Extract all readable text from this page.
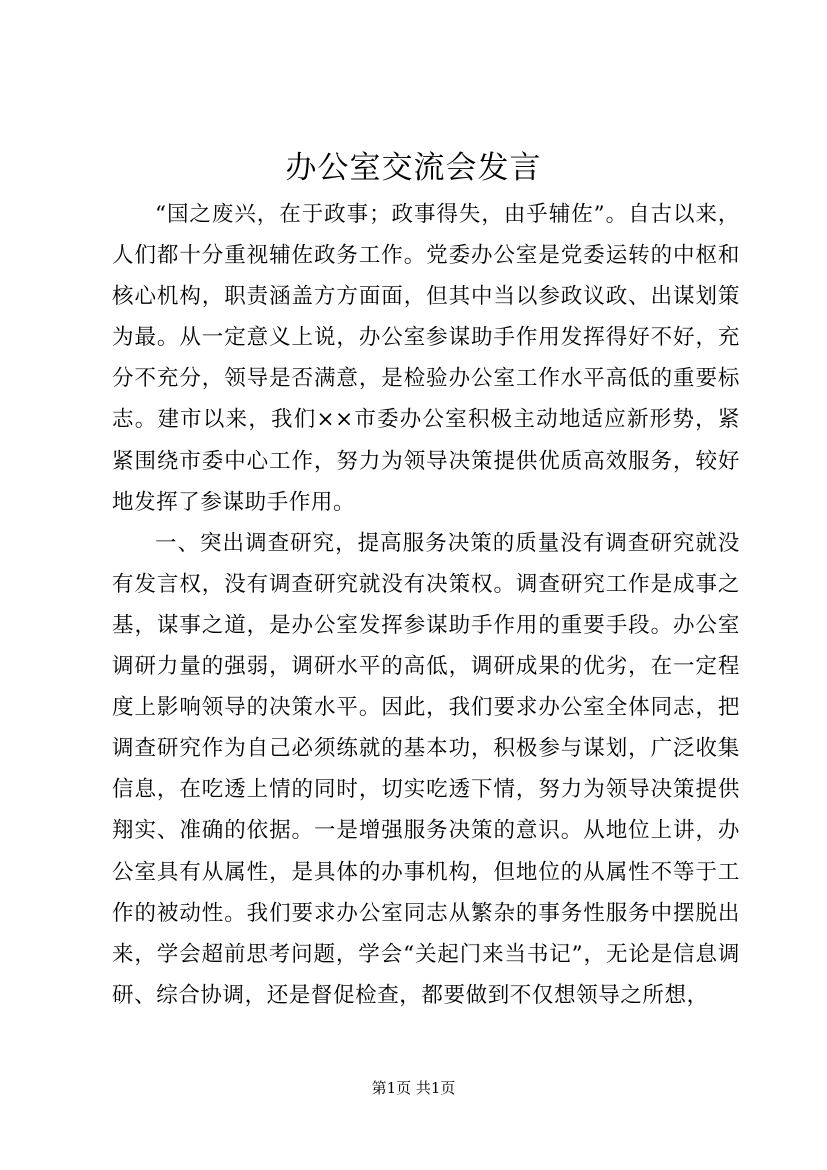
办公室交流会发言

“国之废兴，在于政事；政事得失，由乎辅佐”。自古以来，人们都十分重视辅佐政务工作。党委办公室是党委运转的中枢和核心机构，职责涵盖方方面面，但其中当以参政议政、出谋划策为最。从一定意义上说，办公室参谋助手作用发挥得好不好，充分不充分，领导是否满意，是检验办公室工作水平高低的重要标志。建市以来，我们××市委办公室积极主动地适应新形势，紧紧围绕市委中心工作，努力为领导决策提供优质高效服务，较好地发挥了参谋助手作用。

一、突出调查研究，提高服务决策的质量没有调查研究就没有发言权，没有调查研究就没有决策权。调查研究工作是成事之基，谋事之道，是办公室发挥参谋助手作用的重要手段。办公室调研力量的强弱，调研水平的高低，调研成果的优劣，在一定程度上影响领导的决策水平。因此，我们要求办公室全体同志，把调查研究作为自己必须练就的基本功，积极参与谋划，广泛收集信息，在吃透上情的同时，切实吃透下情，努力为领导决策提供翔实、准确的依据。一是增强服务决策的意识。从地位上讲，办公室具有从属性，是具体的办事机构，但地位的从属性不等于工作的被动性。我们要求办公室同志从繁杂的事务性服务中摆脱出来，学会超前思考问题，学会“关起门来当书记”，无论是信息调研、综合协调，还是督促检查，都要做到不仅想领导之所想，

第1页 共1页
